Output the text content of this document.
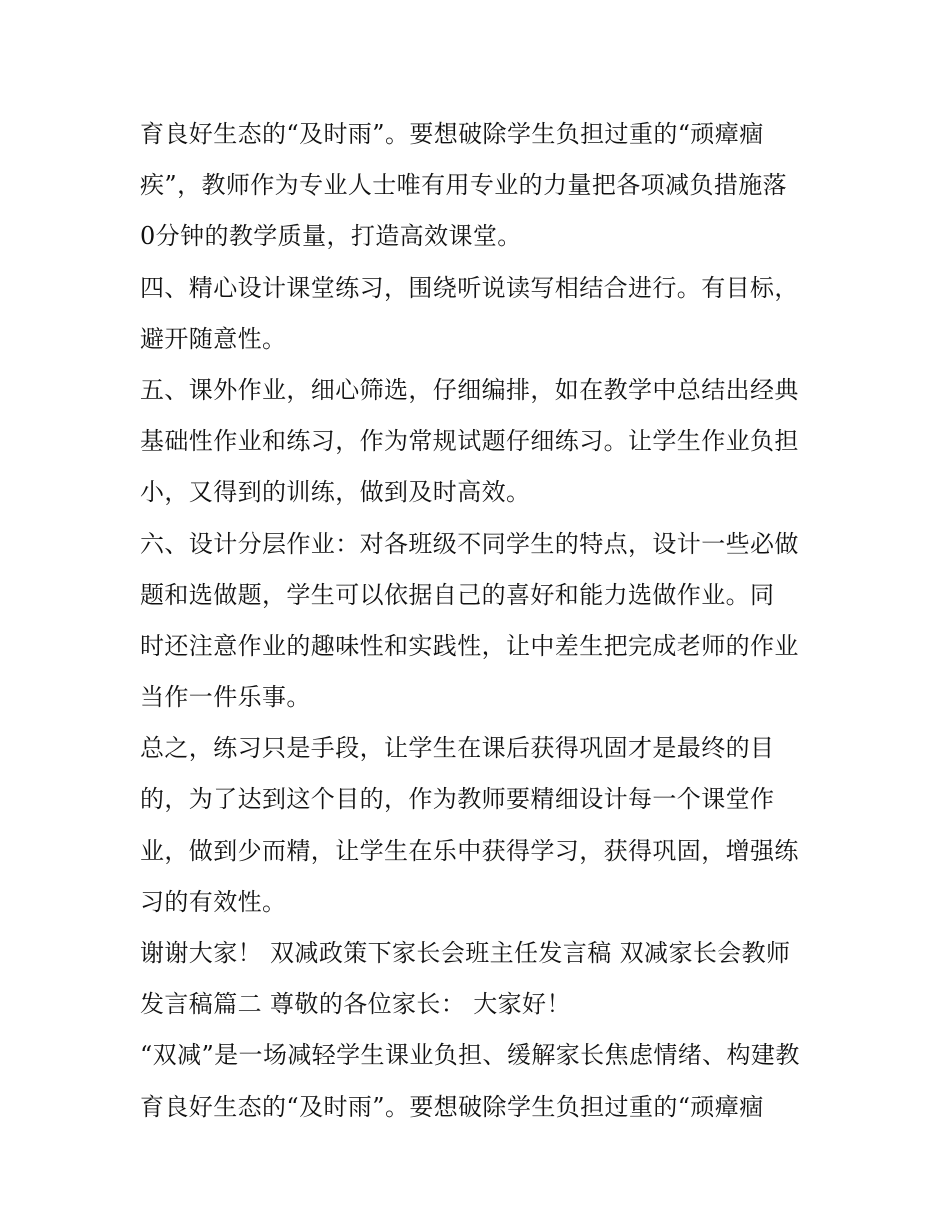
育良好生态的“及时雨”。要想破除学生负担过重的“顽瘴痼
疾”，教师作为专业人士唯有用专业的力量把各项减负措施落
0分钟的教学质量，打造高效课堂。
四、精心设计课堂练习，围绕听说读写相结合进行。有目标，
避开随意性。
五、课外作业，细心筛选，仔细编排，如在教学中总结出经典
基础性作业和练习，作为常规试题仔细练习。让学生作业负担
小，又得到的训练，做到及时高效。
六、设计分层作业：对各班级不同学生的特点，设计一些必做
题和选做题，学生可以依据自己的喜好和能力选做作业。同
时还注意作业的趣味性和实践性，让中差生把完成老师的作业
当作一件乐事。
总之，练习只是手段，让学生在课后获得巩固才是最终的目
的，为了达到这个目的，作为教师要精细设计每一个课堂作
业，做到少而精，让学生在乐中获得学习，获得巩固，增强练
习的有效性。
谢谢大家！ 双减政策下家长会班主任发言稿 双减家长会教师
发言稿篇二 尊敬的各位家长： 大家好！
“双减”是一场减轻学生课业负担、缓解家长焦虑情绪、构建教
育良好生态的“及时雨”。要想破除学生负担过重的“顽瘴痼
